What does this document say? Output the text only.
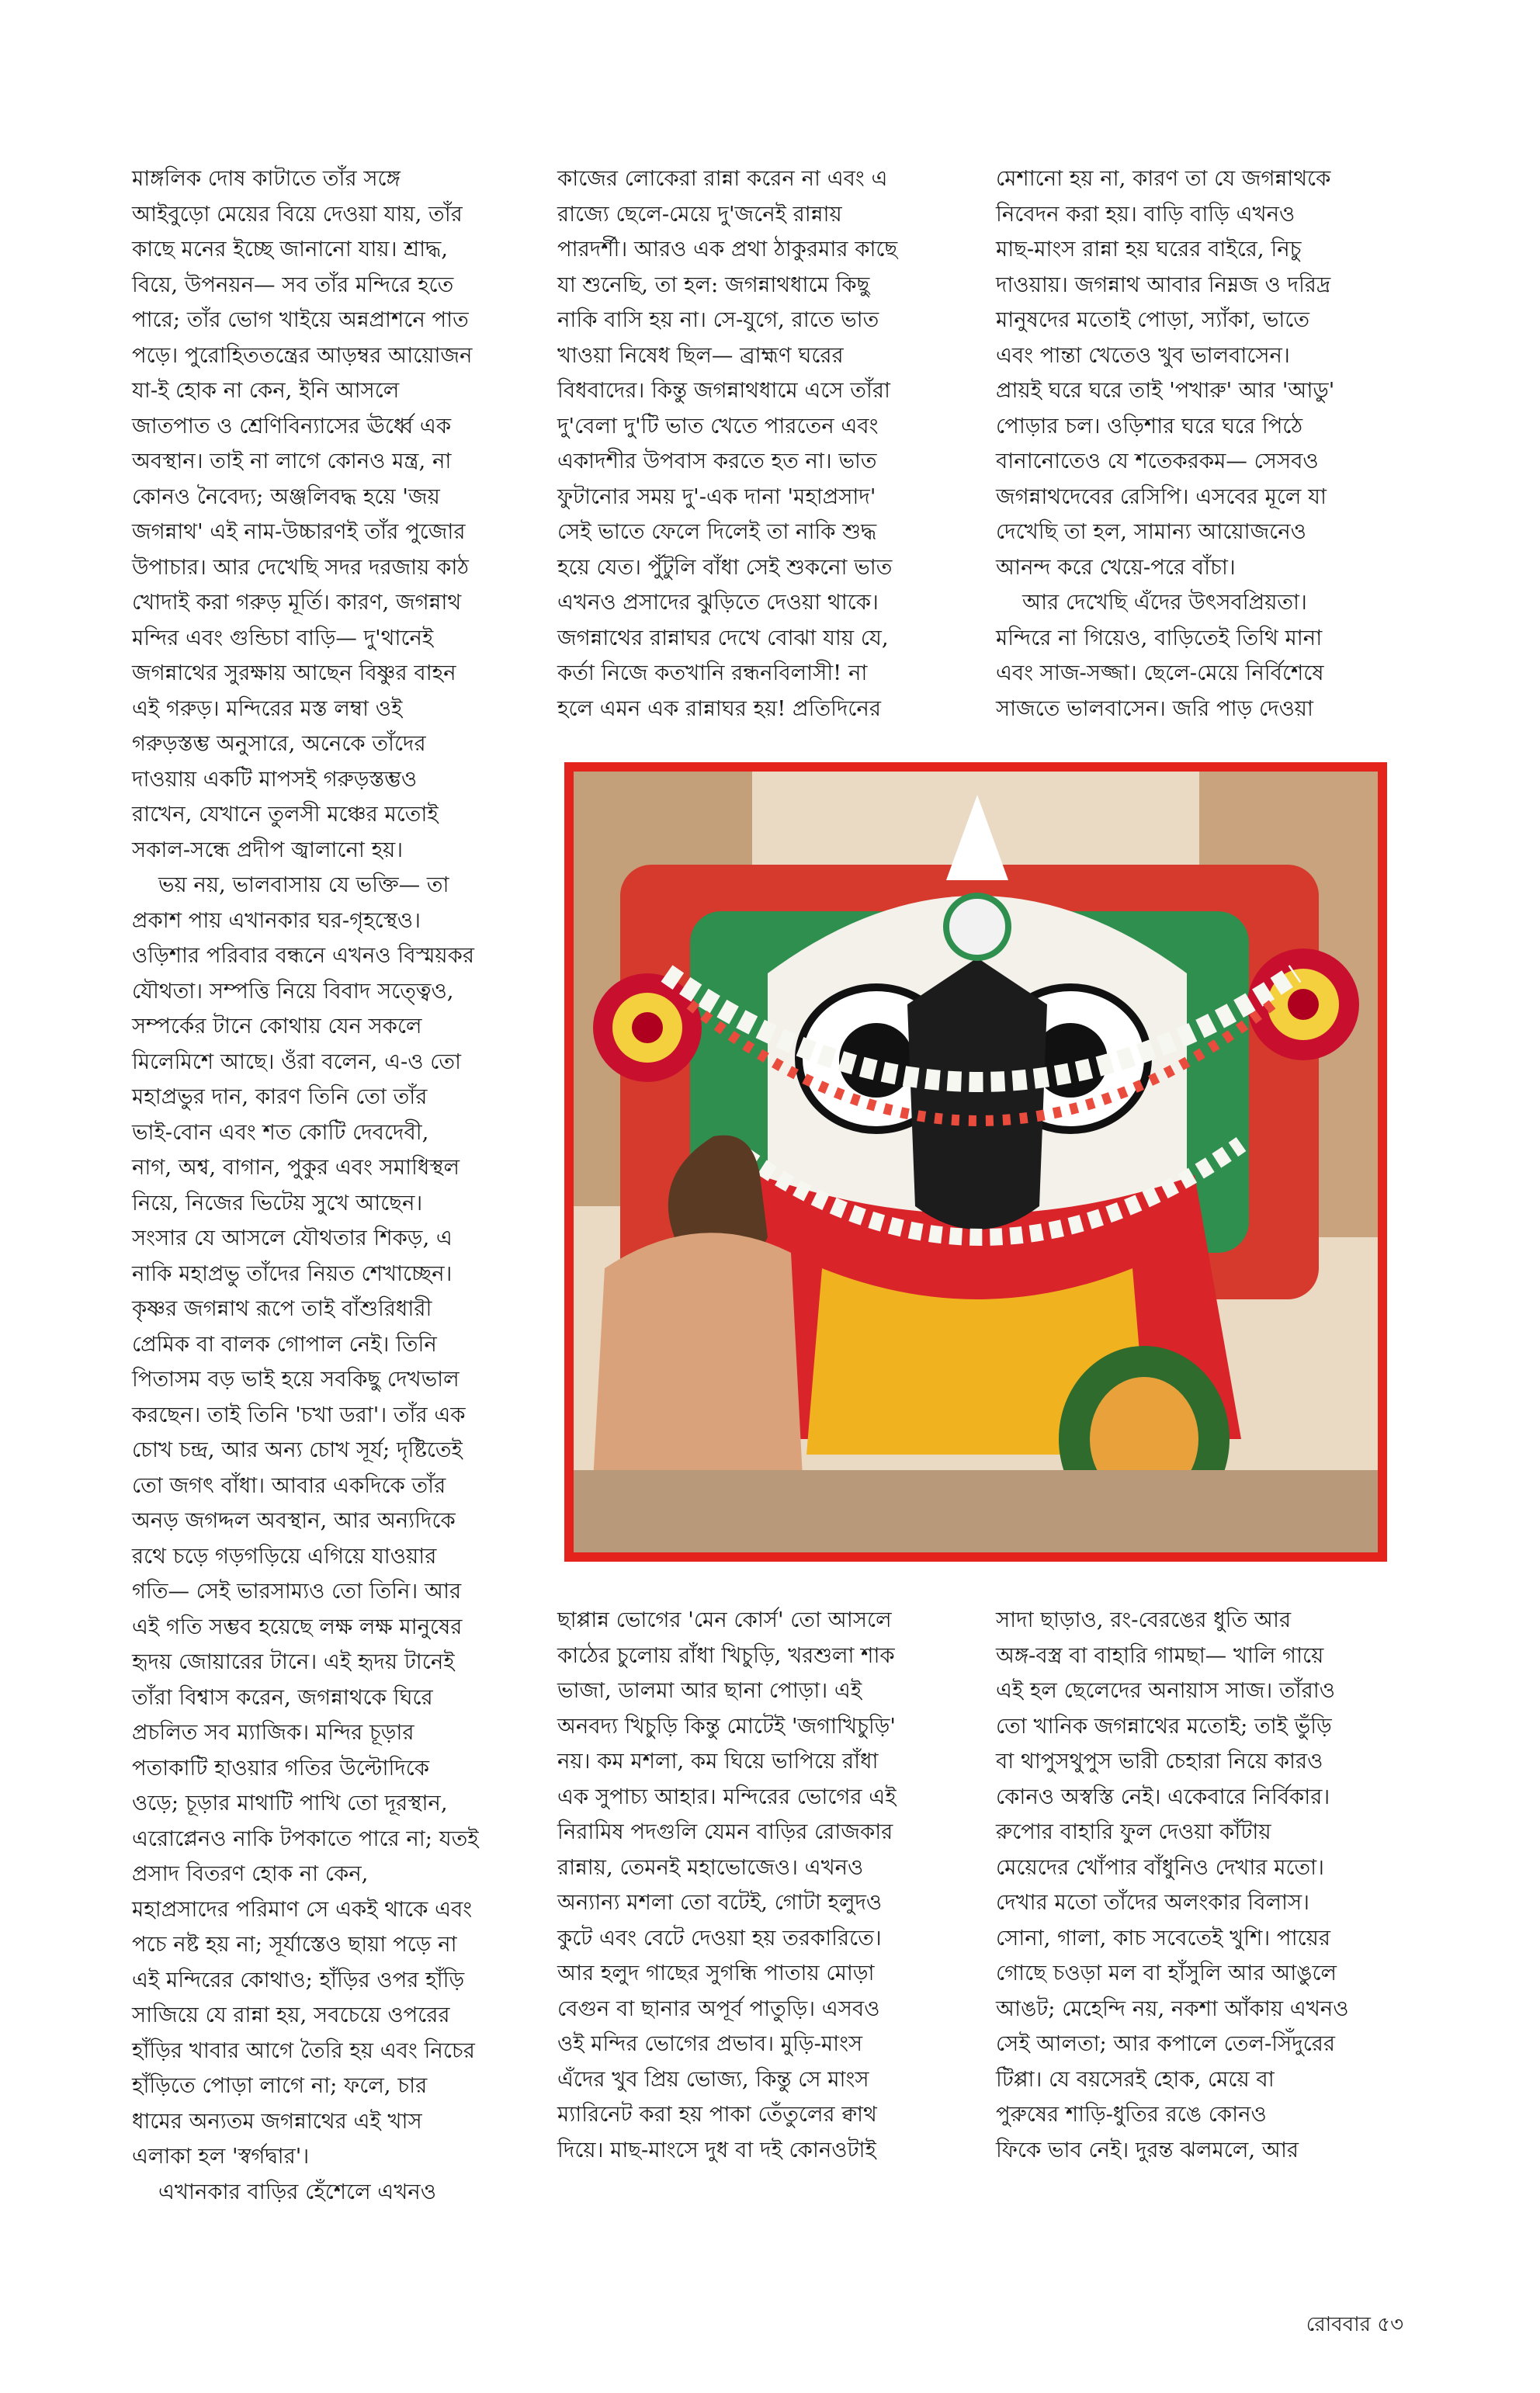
মাঙ্গলিক দোষ কাটাতে তাঁর সঙ্গে
আইবুড়ো মেয়ের বিয়ে দেওয়া যায়, তাঁর
কাছে মনের ইচ্ছে জানানো যায়। শ্রাদ্ধ,
বিয়ে, উপনয়ন— সব তাঁর মন্দিরে হতে
পারে; তাঁর ভোগ খাইয়ে অন্নপ্রাশনে পাত
পড়ে। পুরোহিততন্ত্রের আড়ম্বর আয়োজন
যা-ই হোক না কেন, ইনি আসলে
জাতপাত ও শ্রেণিবিন্যাসের ঊর্ধ্বে এক
অবস্থান। তাই না লাগে কোনও মন্ত্র, না
কোনও নৈবেদ্য; অঞ্জলিবদ্ধ হয়ে 'জয়
জগন্নাথ' এই নাম-উচ্চারণই তাঁর পুজোর
উপাচার। আর দেখেছি সদর দরজায় কাঠ
খোদাই করা গরুড় মূর্তি। কারণ, জগন্নাথ
মন্দির এবং গুন্ডিচা বাড়ি— দু'থানেই
জগন্নাথের সুরক্ষায় আছেন বিষ্ণুর বাহন
এই গরুড়। মন্দিরের মস্ত লম্বা ওই
গরুড়স্তম্ভ অনুসারে, অনেকে তাঁদের
দাওয়ায় একটি মাপসই গরুড়স্তম্ভও
রাখেন, যেখানে তুলসী মঞ্চের মতোই
সকাল-সন্ধে প্রদীপ জ্বালানো হয়।

ভয় নয়, ভালবাসায় যে ভক্তি— তা
প্রকাশ পায় এখানকার ঘর-গৃহস্থেও।
ওড়িশার পরিবার বন্ধনে এখনও বিস্ময়কর
যৌথতা। সম্পত্তি নিয়ে বিবাদ সত্ত্বেও,
সম্পর্কের টানে কোথায় যেন সকলে
মিলেমিশে আছে। ওঁরা বলেন, এ-ও তো
মহাপ্রভুর দান, কারণ তিনি তো তাঁর
ভাই-বোন এবং শত কোটি দেবদেবী,
নাগ, অশ্ব, বাগান, পুকুর এবং সমাধিস্থল
নিয়ে, নিজের ভিটেয় সুখে আছেন।
সংসার যে আসলে যৌথতার শিকড়, এ
নাকি মহাপ্রভু তাঁদের নিয়ত শেখাচ্ছেন।
কৃষ্ণর জগন্নাথ রূপে তাই বাঁশুরিধারী
প্রেমিক বা বালক গোপাল নেই। তিনি
পিতাসম বড় ভাই হয়ে সবকিছু দেখভাল
করছেন। তাই তিনি 'চখা ডরা'। তাঁর এক
চোখ চন্দ্র, আর অন্য চোখ সূর্য; দৃষ্টিতেই
তো জগৎ বাঁধা। আবার একদিকে তাঁর
অনড় জগদ্দল অবস্থান, আর অন্যদিকে
রথে চড়ে গড়গড়িয়ে এগিয়ে যাওয়ার
গতি— সেই ভারসাম্যও তো তিনি। আর
এই গতি সম্ভব হয়েছে লক্ষ লক্ষ মানুষের
হৃদয় জোয়ারের টানে। এই হৃদয় টানেই
তাঁরা বিশ্বাস করেন, জগন্নাথকে ঘিরে
প্রচলিত সব ম্যাজিক। মন্দির চূড়ার
পতাকাটি হাওয়ার গতির উল্টোদিকে
ওড়ে; চূড়ার মাথাটি পাখি তো দূরস্থান,
এরোপ্লেনও নাকি টপকাতে পারে না; যতই
প্রসাদ বিতরণ হোক না কেন,
মহাপ্রসাদের পরিমাণ সে একই থাকে এবং
পচে নষ্ট হয় না; সূর্যাস্তেও ছায়া পড়ে না
এই মন্দিরের কোথাও; হাঁড়ির ওপর হাঁড়ি
সাজিয়ে যে রান্না হয়, সবচেয়ে ওপরের
হাঁড়ির খাবার আগে তৈরি হয় এবং নিচের
হাঁড়িতে পোড়া লাগে না; ফলে, চার
ধামের অন্যতম জগন্নাথের এই খাস
এলাকা হল 'স্বর্গদ্বার'।

এখানকার বাড়ির হেঁশেলে এখনও

কাজের লোকেরা রান্না করেন না এবং এ
রাজ্যে ছেলে-মেয়ে দু'জনেই রান্নায়
পারদর্শী। আরও এক প্রথা ঠাকুরমার কাছে
যা শুনেছি, তা হল: জগন্নাথধামে কিছু
নাকি বাসি হয় না। সে-যুগে, রাতে ভাত
খাওয়া নিষেধ ছিল— ব্রাহ্মণ ঘরের
বিধবাদের। কিন্তু জগন্নাথধামে এসে তাঁরা
দু'বেলা দু'টি ভাত খেতে পারতেন এবং
একাদশীর উপবাস করতে হত না। ভাত
ফুটানোর সময় দু'-এক দানা 'মহাপ্রসাদ'
সেই ভাতে ফেলে দিলেই তা নাকি শুদ্ধ
হয়ে যেত। পুঁটুলি বাঁধা সেই শুকনো ভাত
এখনও প্রসাদের ঝুড়িতে দেওয়া থাকে।
জগন্নাথের রান্নাঘর দেখে বোঝা যায় যে,
কর্তা নিজে কতখানি রন্ধনবিলাসী! না
হলে এমন এক রান্নাঘর হয়! প্রতিদিনের

মেশানো হয় না, কারণ তা যে জগন্নাথকে
নিবেদন করা হয়। বাড়ি বাড়ি এখনও
মাছ-মাংস রান্না হয় ঘরের বাইরে, নিচু
দাওয়ায়। জগন্নাথ আবার নিম্নজ ও দরিদ্র
মানুষদের মতোই পোড়া, স্যাঁকা, ভাতে
এবং পান্তা খেতেও খুব ভালবাসেন।
প্রায়ই ঘরে ঘরে তাই 'পখারু' আর 'আডু'
পোড়ার চল। ওড়িশার ঘরে ঘরে পিঠে
বানানোতেও যে শতেকরকম— সেসবও
জগন্নাথদেবের রেসিপি। এসবের মূলে যা
দেখেছি তা হল, সামান্য আয়োজনেও
আনন্দ করে খেয়ে-পরে বাঁচা।

আর দেখেছি এঁদের উৎসবপ্রিয়তা।
মন্দিরে না গিয়েও, বাড়িতেই তিথি মানা
এবং সাজ-সজ্জা। ছেলে-মেয়ে নির্বিশেষে
সাজতে ভালবাসেন। জরি পাড় দেওয়া

ছাপ্পান্ন ভোগের 'মেন কোর্স' তো আসলে
কাঠের চুলোয় রাঁধা খিচুড়ি, খরশুলা শাক
ভাজা, ডালমা আর ছানা পোড়া। এই
অনবদ্য খিচুড়ি কিন্তু মোটেই 'জগাখিচুড়ি'
নয়। কম মশলা, কম ঘিয়ে ভাপিয়ে রাঁধা
এক সুপাচ্য আহার। মন্দিরের ভোগের এই
নিরামিষ পদগুলি যেমন বাড়ির রোজকার
রান্নায়, তেমনই মহাভোজেও। এখনও
অন্যান্য মশলা তো বটেই, গোটা হলুদও
কুটে এবং বেটে দেওয়া হয় তরকারিতে।
আর হলুদ গাছের সুগন্ধি পাতায় মোড়া
বেগুন বা ছানার অপূর্ব পাতুড়ি। এসবও
ওই মন্দির ভোগের প্রভাব। মুড়ি-মাংস
এঁদের খুব প্রিয় ভোজ্য, কিন্তু সে মাংস
ম্যারিনেট করা হয় পাকা তেঁতুলের ক্বাথ
দিয়ে। মাছ-মাংসে দুধ বা দই কোনওটাই

সাদা ছাড়াও, রং-বেরঙের ধুতি আর
অঙ্গ-বস্ত্র বা বাহারি গামছা— খালি গায়ে
এই হল ছেলেদের অনায়াস সাজ। তাঁরাও
তো খানিক জগন্নাথের মতোই; তাই ভুঁড়ি
বা থাপুসথুপুস ভারী চেহারা নিয়ে কারও
কোনও অস্বস্তি নেই। একেবারে নির্বিকার।
রুপোর বাহারি ফুল দেওয়া কাঁটায়
মেয়েদের খোঁপার বাঁধুনিও দেখার মতো।
দেখার মতো তাঁদের অলংকার বিলাস।
সোনা, গালা, কাচ সবেতেই খুশি। পায়ের
গোছে চওড়া মল বা হাঁসুলি আর আঙুলে
আঙট; মেহেন্দি নয়, নকশা আঁকায় এখনও
সেই আলতা; আর কপালে তেল-সিঁদুরের
টিপ্পা। যে বয়সেরই হোক, মেয়ে বা
পুরুষের শাড়ি-ধুতির রঙে কোনও
ফিকে ভাব নেই। দুরন্ত ঝলমলে, আর

রোববার ৫৩
